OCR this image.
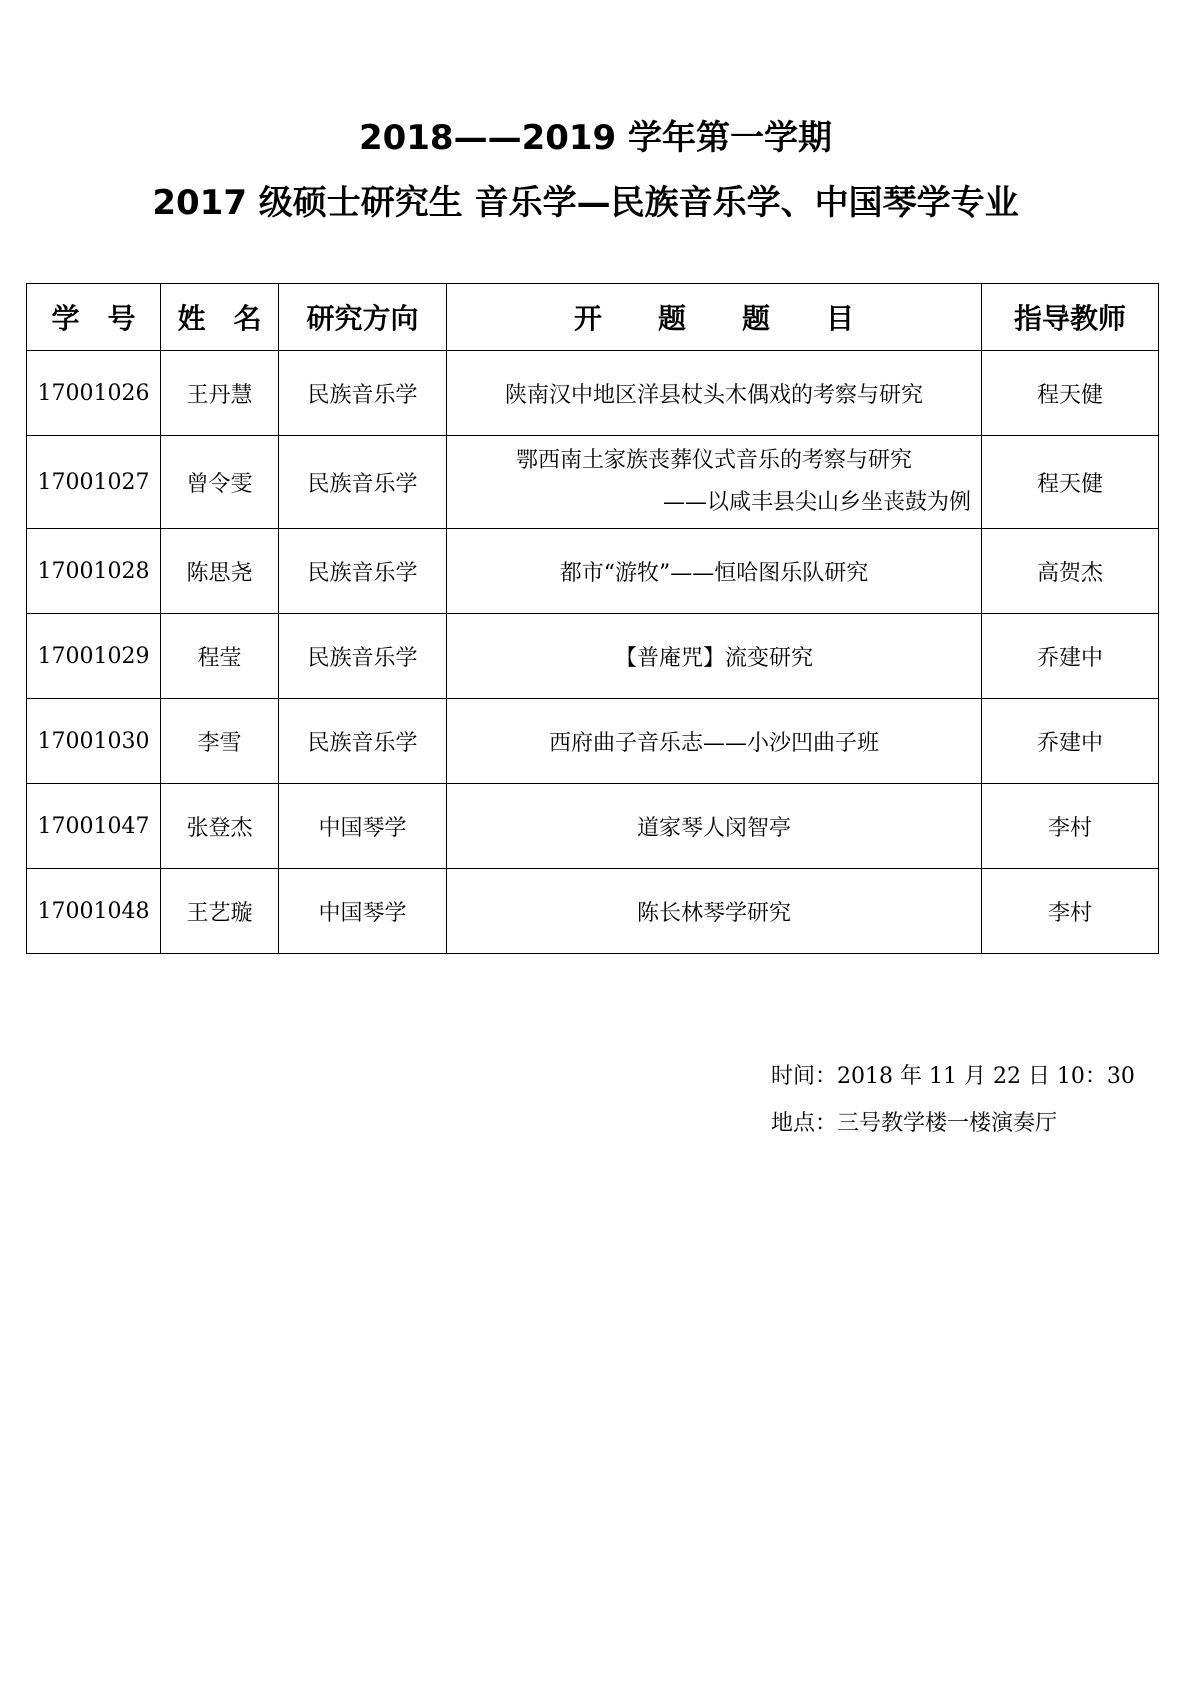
2018——2019 学年第一学期
2017 级硕士研究生 音乐学—民族音乐学、中国琴学专业
学　号	姓　名	研究方向	开　　题　　题　　目	指导教师
17001026	王丹慧	民族音乐学	陕南汉中地区洋县杖头木偶戏的考察与研究	程天健
17001027	曾令雯	民族音乐学	鄂西南土家族丧葬仪式音乐的考察与研究
——以咸丰县尖山乡坐丧鼓为例	程天健
17001028	陈思尧	民族音乐学	都市“游牧”——恒哈图乐队研究	高贺杰
17001029	程莹	民族音乐学	【普庵咒】流变研究	乔建中
17001030	李雪	民族音乐学	西府曲子音乐志——小沙凹曲子班	乔建中
17001047	张登杰	中国琴学	道家琴人闵智亭	李村
17001048	王艺璇	中国琴学	陈长林琴学研究	李村
时间：2018 年 11 月 22 日 10：30
地点：三号教学楼一楼演奏厅
